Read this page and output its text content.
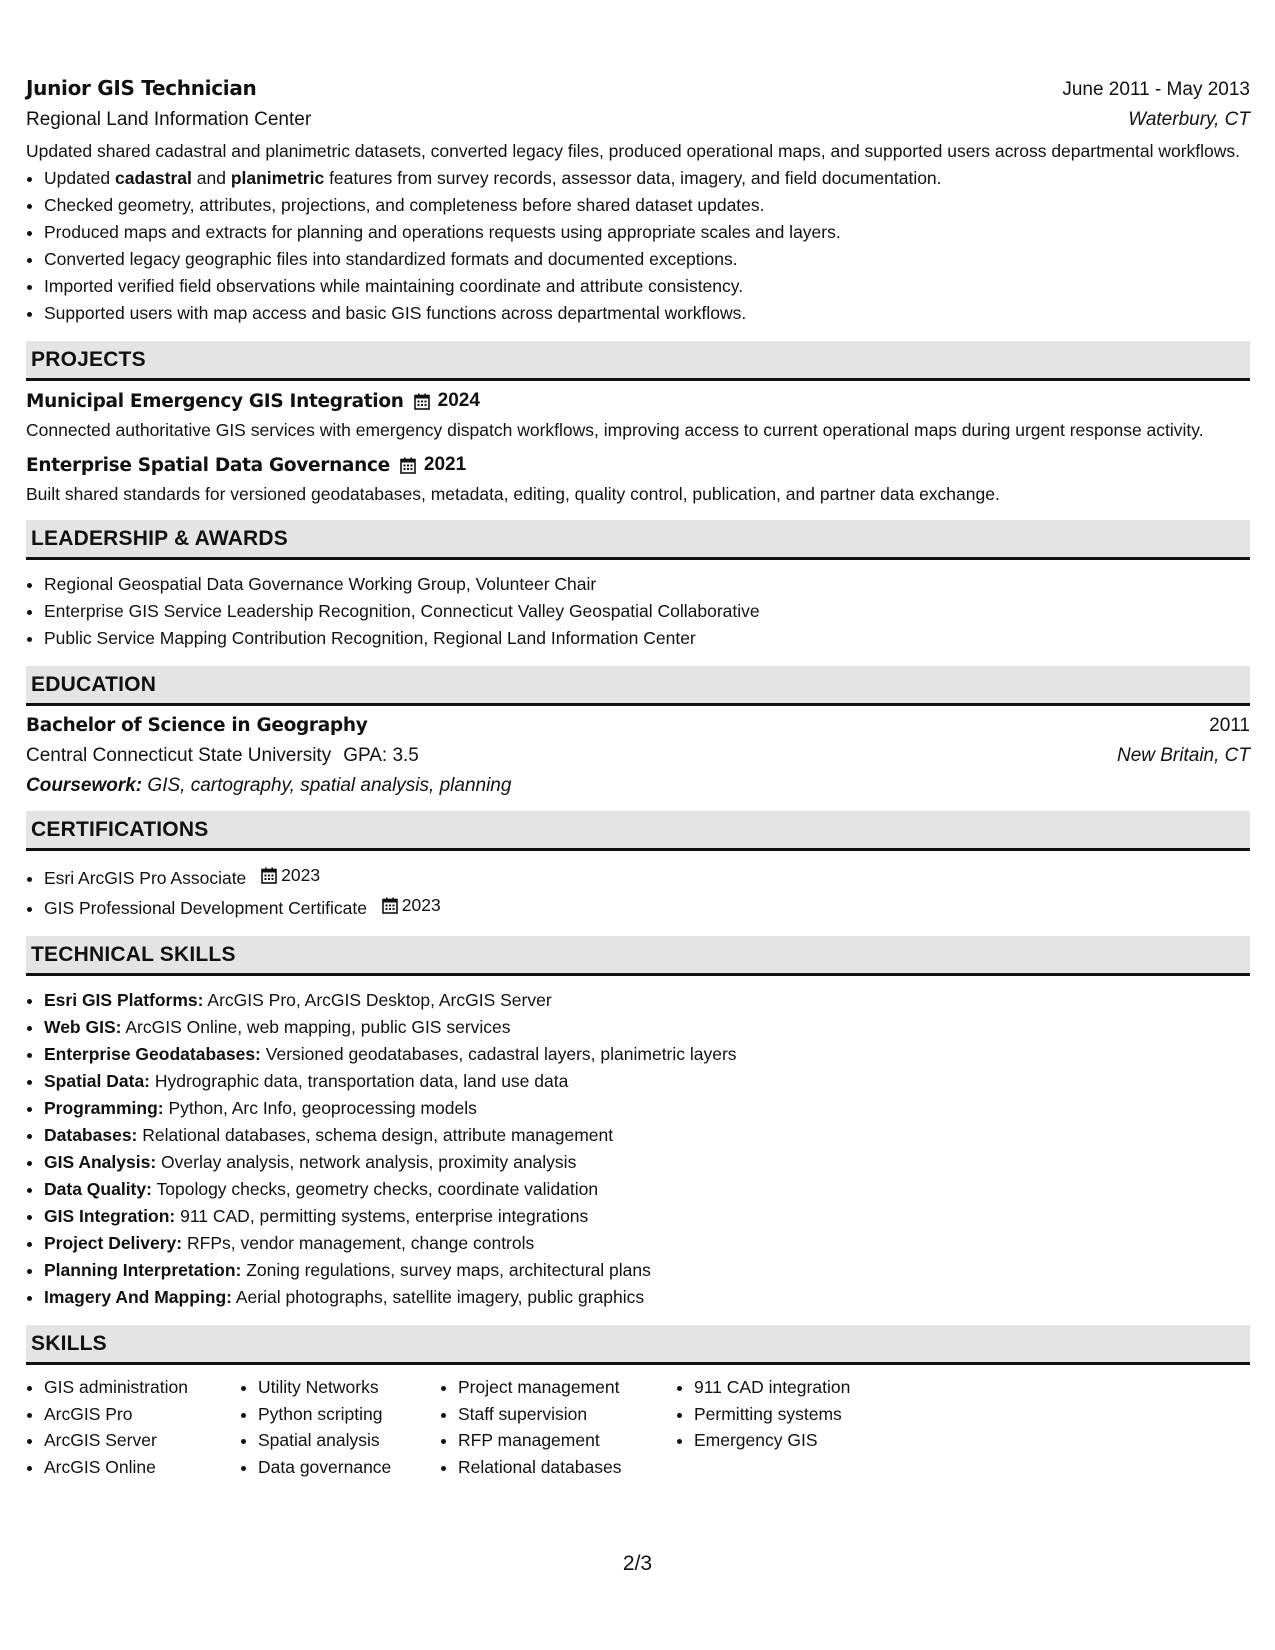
Junior GIS Technician	June 2011 - May 2013
Regional Land Information Center	Waterbury, CT
Updated shared cadastral and planimetric datasets, converted legacy files, produced operational maps, and supported users across departmental workflows.
• Updated cadastral and planimetric features from survey records, assessor data, imagery, and field documentation.
• Checked geometry, attributes, projections, and completeness before shared dataset updates.
• Produced maps and extracts for planning and operations requests using appropriate scales and layers.
• Converted legacy geographic files into standardized formats and documented exceptions.
• Imported verified field observations while maintaining coordinate and attribute consistency.
• Supported users with map access and basic GIS functions across departmental workflows.
PROJECTS
Municipal Emergency GIS Integration 2024
Connected authoritative GIS services with emergency dispatch workflows, improving access to current operational maps during urgent response activity.
Enterprise Spatial Data Governance 2021
Built shared standards for versioned geodatabases, metadata, editing, quality control, publication, and partner data exchange.
LEADERSHIP & AWARDS
• Regional Geospatial Data Governance Working Group, Volunteer Chair
• Enterprise GIS Service Leadership Recognition, Connecticut Valley Geospatial Collaborative
• Public Service Mapping Contribution Recognition, Regional Land Information Center
EDUCATION
Bachelor of Science in Geography	2011
Central Connecticut State University GPA: 3.5	New Britain, CT
Coursework: GIS, cartography, spatial analysis, planning
CERTIFICATIONS
• Esri ArcGIS Pro Associate 2023
• GIS Professional Development Certificate 2023
TECHNICAL SKILLS
• Esri GIS Platforms: ArcGIS Pro, ArcGIS Desktop, ArcGIS Server
• Web GIS: ArcGIS Online, web mapping, public GIS services
• Enterprise Geodatabases: Versioned geodatabases, cadastral layers, planimetric layers
• Spatial Data: Hydrographic data, transportation data, land use data
• Programming: Python, Arc Info, geoprocessing models
• Databases: Relational databases, schema design, attribute management
• GIS Analysis: Overlay analysis, network analysis, proximity analysis
• Data Quality: Topology checks, geometry checks, coordinate validation
• GIS Integration: 911 CAD, permitting systems, enterprise integrations
• Project Delivery: RFPs, vendor management, change controls
• Planning Interpretation: Zoning regulations, survey maps, architectural plans
• Imagery And Mapping: Aerial photographs, satellite imagery, public graphics
SKILLS
• GIS administration
• ArcGIS Pro
• ArcGIS Server
• ArcGIS Online
• Utility Networks
• Python scripting
• Spatial analysis
• Data governance
• Project management
• Staff supervision
• RFP management
• Relational databases
• 911 CAD integration
• Permitting systems
• Emergency GIS
2/3
